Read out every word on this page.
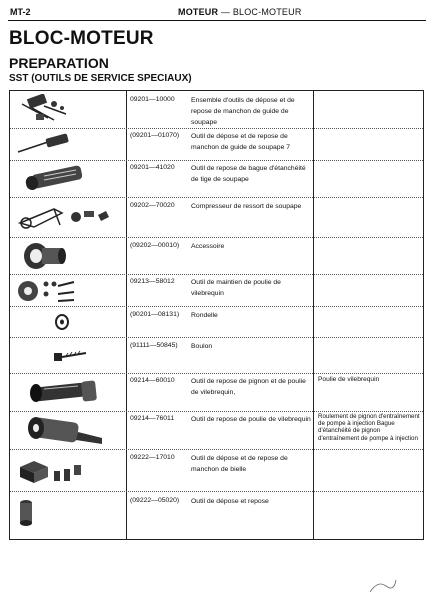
MT-2	MOTEUR — BLOC-MOTEUR
BLOC-MOTEUR
PREPARATION
SST (OUTILS DE SERVICE SPECIAUX)
09201—10000 Ensemble d'outils de dépose et de repose de manchon de guide de soupape
(09201—01070) Outil de dépose et de repose de manchon de guide de soupape 7
09201—41020 Outil de repose de bague d'étanchéité de tige de soupape
09202—70020 Compresseur de ressort de soupape
(09202—00010) Accessoire
09213—58012 Outil de maintien de poulie de vilebrequin
(90201—08131) Rondelle
(91111—50845) Boulon
09214—60010 Outil de repose de pignon et de poulie de vilebrequin,
Poulie de vilebrequin
09214—76011 Outil de repose de poulie de vilebrequin Roulement de pignon d'entraînement de pompe à injection Bague d'étanchéité de pignon d'entraînement de pompe à injection
09222—17010 Outil de dépose et de repose de manchon de bielle
(09222—05020) Outil de dépose et repose
